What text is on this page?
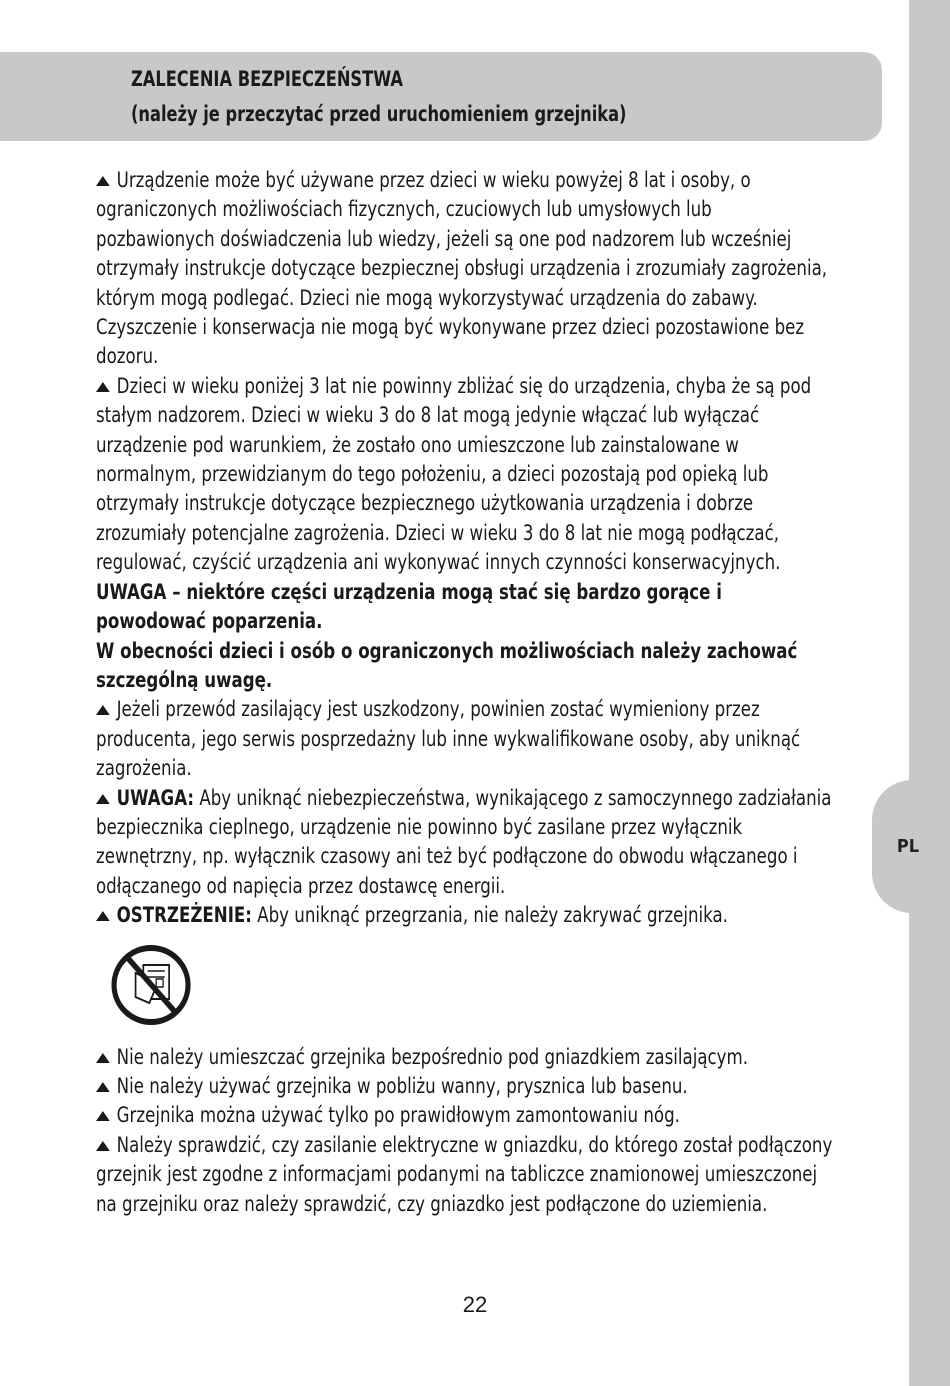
PL
ZALECENIA BEZPIECZEŃSTWA
(należy je przeczytać przed uruchomieniem grzejnika)

Urządzenie może być używane przez dzieci w wieku powyżej 8 lat i osoby, o ograniczonych możliwościach fizycznych, czuciowych lub umysłowych lub pozbawionych doświadczenia lub wiedzy, jeżeli są one pod nadzorem lub wcześniej otrzymały instrukcje dotyczące bezpiecznej obsługi urządzenia i zrozumiały zagrożenia, którym mogą podlegać. Dzieci nie mogą wykorzystywać urządzenia do zabawy.

Czyszczenie i konserwacja nie mogą być wykonywane przez dzieci pozostawione bez dozoru.

Dzieci w wieku poniżej 3 lat nie powinny zbliżać się do urządzenia, chyba że są pod stałym nadzorem. Dzieci w wieku 3 do 8 lat mogą jedynie włączać lub wyłączać urządzenie pod warunkiem, że zostało ono umieszczone lub zainstalowane w normalnym, przewidzianym do tego położeniu, a dzieci pozostają pod opieką lub otrzymały instrukcje dotyczące bezpiecznego użytkowania urządzenia i dobrze zrozumiały potencjalne zagrożenia. Dzieci w wieku 3 do 8 lat nie mogą podłączać, regulować, czyścić urządzenia ani wykonywać innych czynności konserwacyjnych.

UWAGA – niektóre części urządzenia mogą stać się bardzo gorące i powodować poparzenia.

W obecności dzieci i osób o ograniczonych możliwościach należy zachować szczególną uwagę.

Jeżeli przewód zasilający jest uszkodzony, powinien zostać wymieniony przez producenta, jego serwis posprzedażny lub inne wykwalifikowane osoby, aby uniknąć zagrożenia.

UWAGA: Aby uniknąć niebezpieczeństwa, wynikającego z samoczynnego zadziałania bezpiecznika cieplnego, urządzenie nie powinno być zasilane przez wyłącznik zewnętrzny, np. wyłącznik czasowy ani też być podłączone do obwodu włączanego i odłączanego od napięcia przez dostawcę energii.

OSTRZEŻENIE: Aby uniknąć przegrzania, nie należy zakrywać grzejnika.

Nie należy umieszczać grzejnika bezpośrednio pod gniazdkiem zasilającym.

Nie należy używać grzejnika w pobliżu wanny, prysznica lub basenu.

Grzejnika można używać tylko po prawidłowym zamontowaniu nóg.

Należy sprawdzić, czy zasilanie elektryczne w gniazdku, do którego został podłączony grzejnik jest zgodne z informacjami podanymi na tabliczce znamionowej umieszczonej na grzejniku oraz należy sprawdzić, czy gniazdko jest podłączone do uziemienia.

22
